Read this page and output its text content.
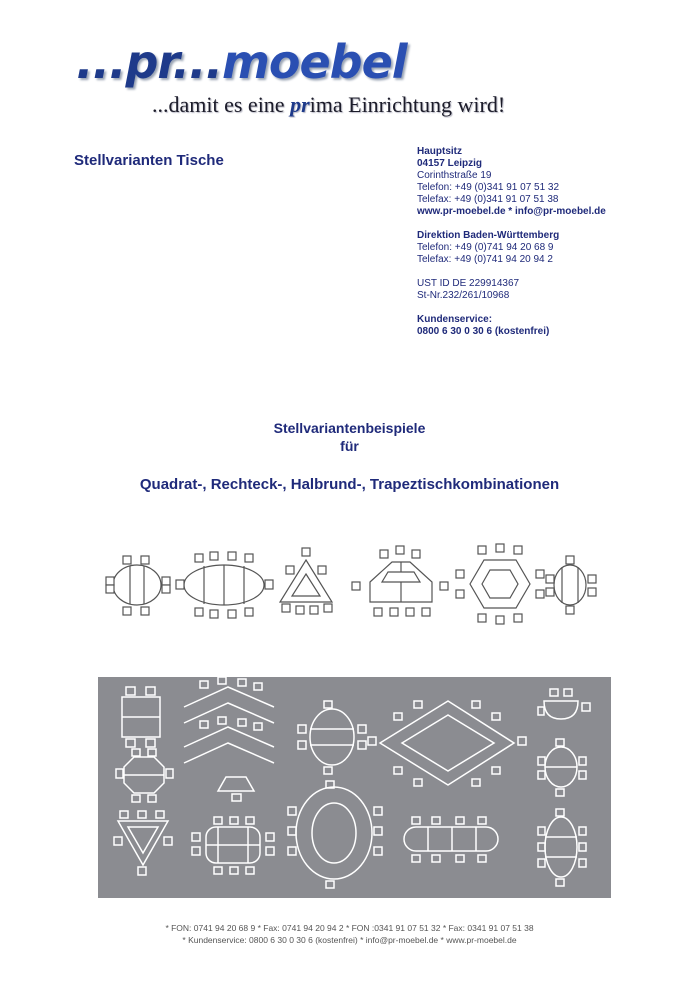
...pr...moebel
...damit es eine prima Einrichtung wird!
Stellvarianten Tische
Hauptsitz
04157 Leipzig
Corinthstraße 19
Telefon: +49 (0)341 91 07 51 32
Telefax: +49 (0)341 91 07 51 38
www.pr-moebel.de * info@pr-moebel.de
Direktion Baden-Württemberg
Telefon: +49 (0)741 94 20 68 9
Telefax: +49 (0)741 94 20 94 2
UST ID DE 229914367
St-Nr.232/261/10968
Kundenservice:
0800 6 30 0 30 6 (kostenfrei)
Stellvariantenbeispiele
für
Quadrat-, Rechteck-, Halbrund-, Trapeztischkombinationen
* FON: 0741 94 20 68 9 * Fax: 0741 94 20 94 2 * FON :0341 91 07 51 32 * Fax: 0341 91 07 51 38
* Kundenservice: 0800 6 30 0 30 6 (kostenfrei) * info@pr-moebel.de * www.pr-moebel.de
